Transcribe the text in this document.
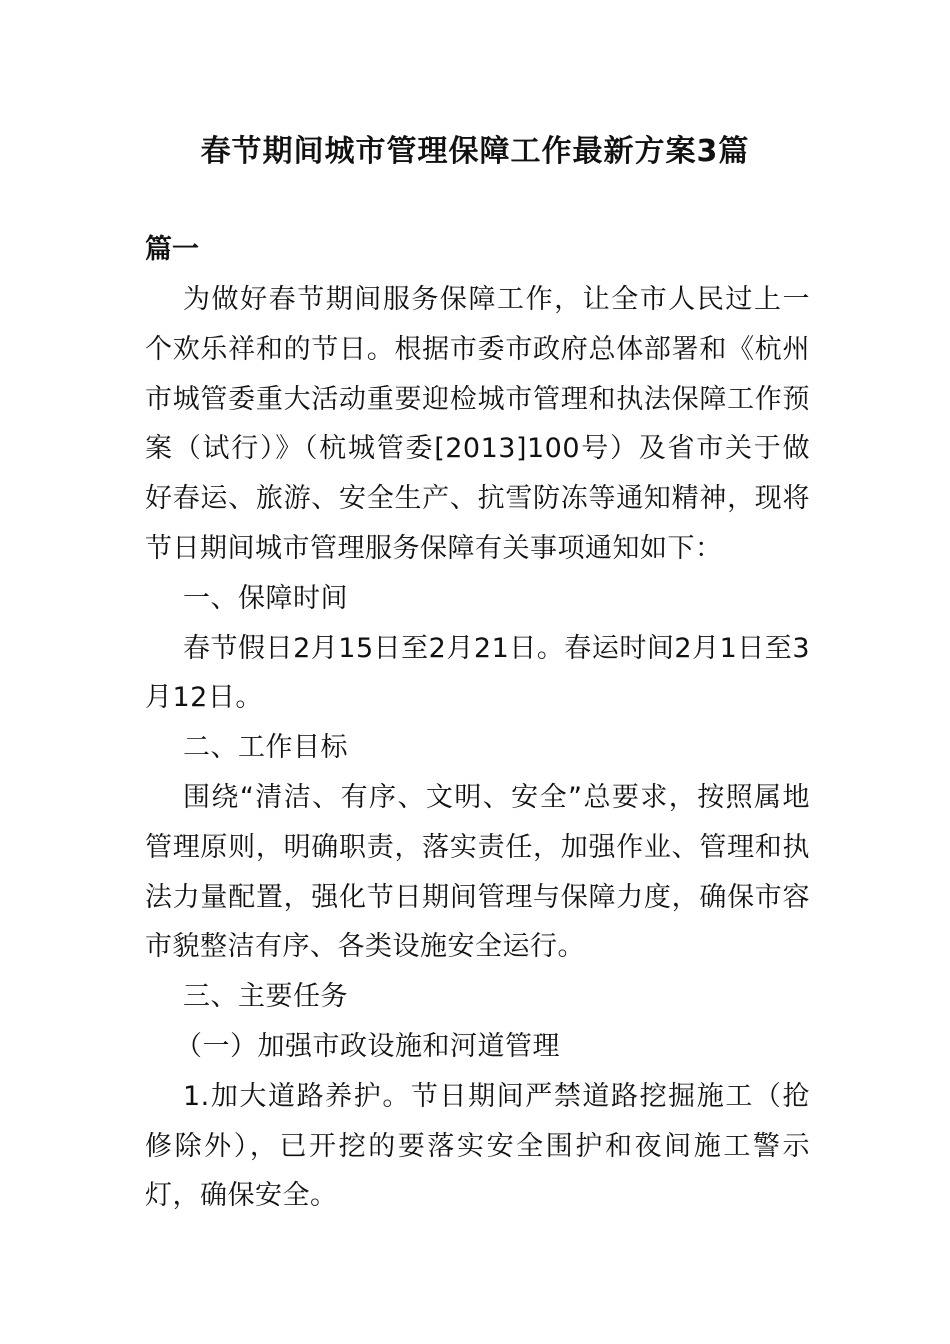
春节期间城市管理保障工作最新方案3篇
篇一

为做好春节期间服务保障工作，让全市人民过上一个欢乐祥和的节日。根据市委市政府总体部署和《杭州市城管委重大活动重要迎检城市管理和执法保障工作预案（试行）》（杭城管委[2013]100号）及省市关于做好春运、旅游、安全生产、抗雪防冻等通知精神，现将节日期间城市管理服务保障有关事项通知如下：

一、保障时间

春节假日2月15日至2月21日。春运时间2月1日至3月12日。

二、工作目标

围绕“清洁、有序、文明、安全”总要求，按照属地管理原则，明确职责，落实责任，加强作业、管理和执法力量配置，强化节日期间管理与保障力度，确保市容市貌整洁有序、各类设施安全运行。

三、主要任务

（一）加强市政设施和河道管理

1.加大道路养护。节日期间严禁道路挖掘施工（抢修除外），已开挖的要落实安全围护和夜间施工警示灯，确保安全。
